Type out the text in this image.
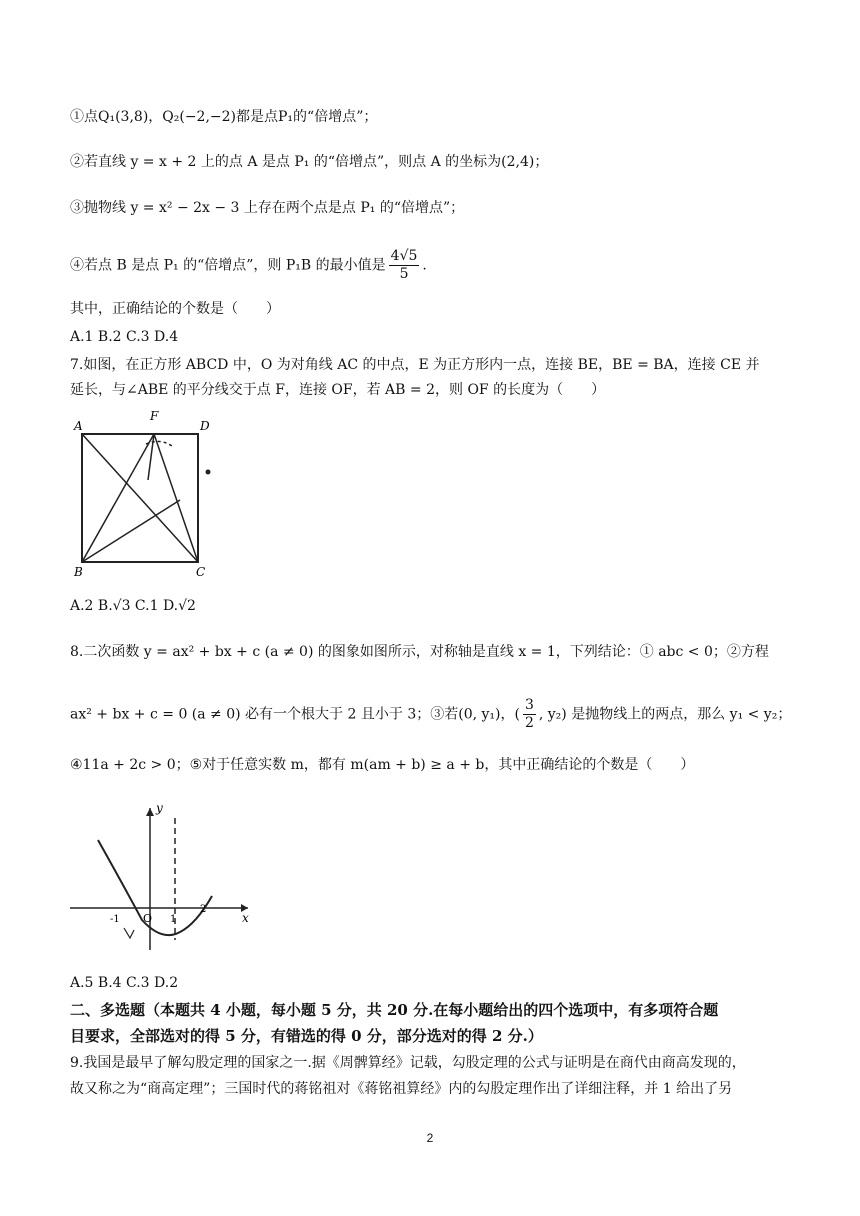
①点Q₁(3,8)，Q₂(−2,−2)都是点P₁的“倍增点”；
②若直线 y = x + 2 上的点 A 是点 P₁ 的“倍增点”，则点 A 的坐标为(2,4)；
③抛物线 y = x² − 2x − 3 上存在两个点是点 P₁ 的“倍增点”；
④若点 B 是点 P₁ 的“倍增点”，则 P₁B 的最小值是 $\frac{4√5}{5}$ .
其中，正确结论的个数是（　　）
A.1 B.2 C.3 D.4
7.如图，在正方形 ABCD 中，O 为对角线 AC 的中点，E 为正方形内一点，连接 BE，BE = BA，连接 CE 并
延长，与∠ABE 的平分线交于点 F，连接 OF，若 AB = 2，则 OF 的长度为（　　）
A	D
F
B	C
A.2 B.√3 C.1 D.√2
8.二次函数 y = ax² + bx + c (a ≠ 0) 的图象如图所示，对称轴是直线 x = 1，下列结论：① abc < 0；②方程
ax² + bx + c = 0 (a ≠ 0) 必有一个根大于 2 且小于 3；③若(0, y₁)，( $\frac{3}{2}$ , y₂) 是抛物线上的两点，那么 y₁ < y₂；
④11a + 2c > 0；⑤对于任意实数 m，都有 m(am + b) ≥ a + b，其中正确结论的个数是（　　）
y
x
O
-1	1
2
A.5 B.4 C.3 D.2
二、多选题（本题共 4 小题，每小题 5 分，共 20 分.在每小题给出的四个选项中，有多项符合题
目要求，全部选对的得 5 分，有错选的得 0 分，部分选对的得 2 分.）
9.我国是最早了解勾股定理的国家之一.据《周髀算经》记载，勾股定理的公式与证明是在商代由商高发现的，
故又称之为“商高定理”；三国时代的蒋铭祖对《蒋铭祖算经》内的勾股定理作出了详细注释，并 1 给出了另
2
